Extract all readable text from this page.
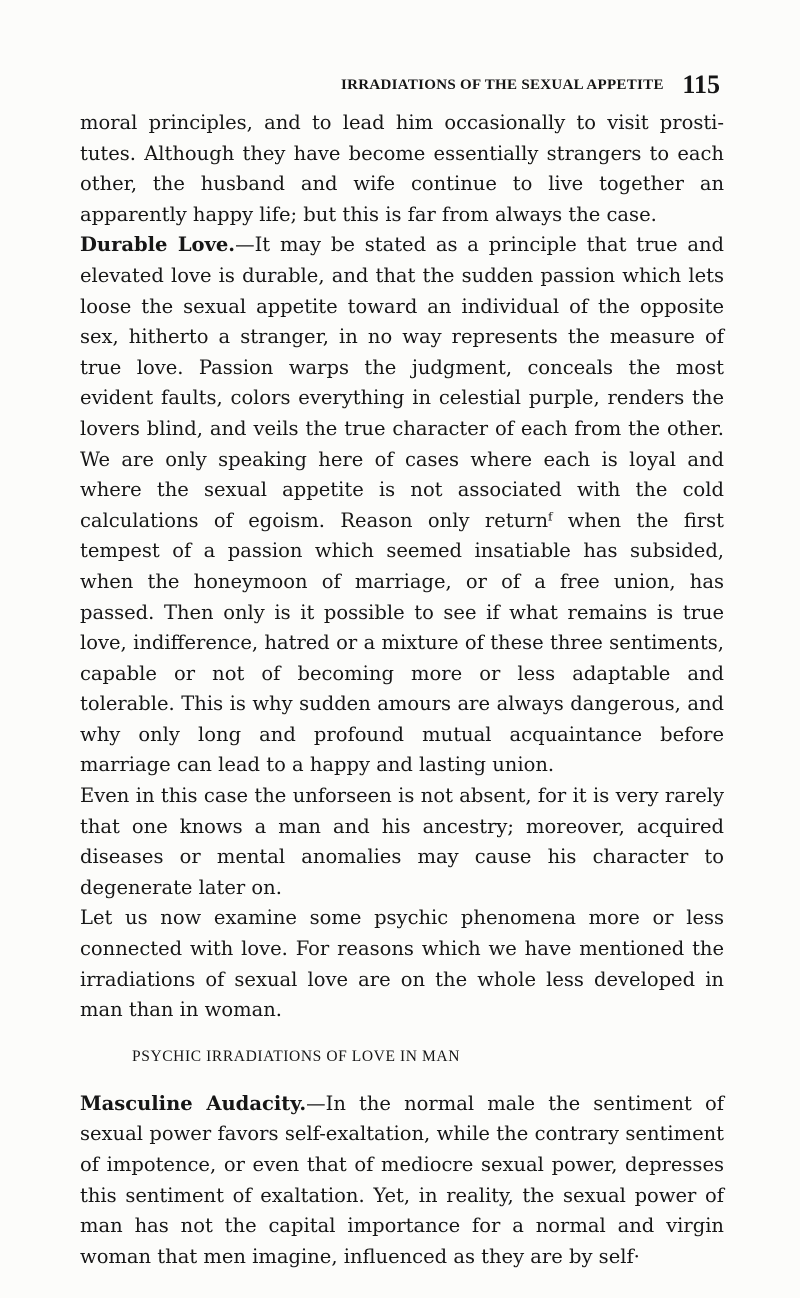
IRRADIATIONS OF THE SEXUAL APPETITE 115

moral principles, and to lead him occasionally to visit prostitutes. Although they have become essentially strangers to each other, the husband and wife continue to live together an apparently happy life; but this is far from always the case.

Durable Love.—It may be stated as a principle that true and elevated love is durable, and that the sudden passion which lets loose the sexual appetite toward an individual of the opposite sex, hitherto a stranger, in no way represents the measure of true love. Passion warps the judgment, conceals the most evident faults, colors everything in celestial purple, renders the lovers blind, and veils the true character of each from the other. We are only speaking here of cases where each is loyal and where the sexual appetite is not associated with the cold calculations of egoism. Reason only returnᶠ when the first tempest of a passion which seemed insatiable has subsided, when the honeymoon of marriage, or of a free union, has passed. Then only is it possible to see if what remains is true love, indifference, hatred or a mixture of these three sentiments, capable or not of becoming more or less adaptable and tolerable. This is why sudden amours are always dangerous, and why only long and profound mutual acquaintance before marriage can lead to a happy and lasting union.

Even in this case the unforseen is not absent, for it is very rarely that one knows a man and his ancestry; moreover, acquired diseases or mental anomalies may cause his character to degenerate later on.

Let us now examine some psychic phenomena more or less connected with love. For reasons which we have mentioned the irradiations of sexual love are on the whole less developed in man than in woman.

PSYCHIC IRRADIATIONS OF LOVE IN MAN

Masculine Audacity.—In the normal male the sentiment of sexual power favors self-exaltation, while the contrary sentiment of impotence, or even that of mediocre sexual power, depresses this sentiment of exaltation. Yet, in reality, the sexual power of man has not the capital importance for a normal and virgin woman that men imagine, influenced as they are by self·
